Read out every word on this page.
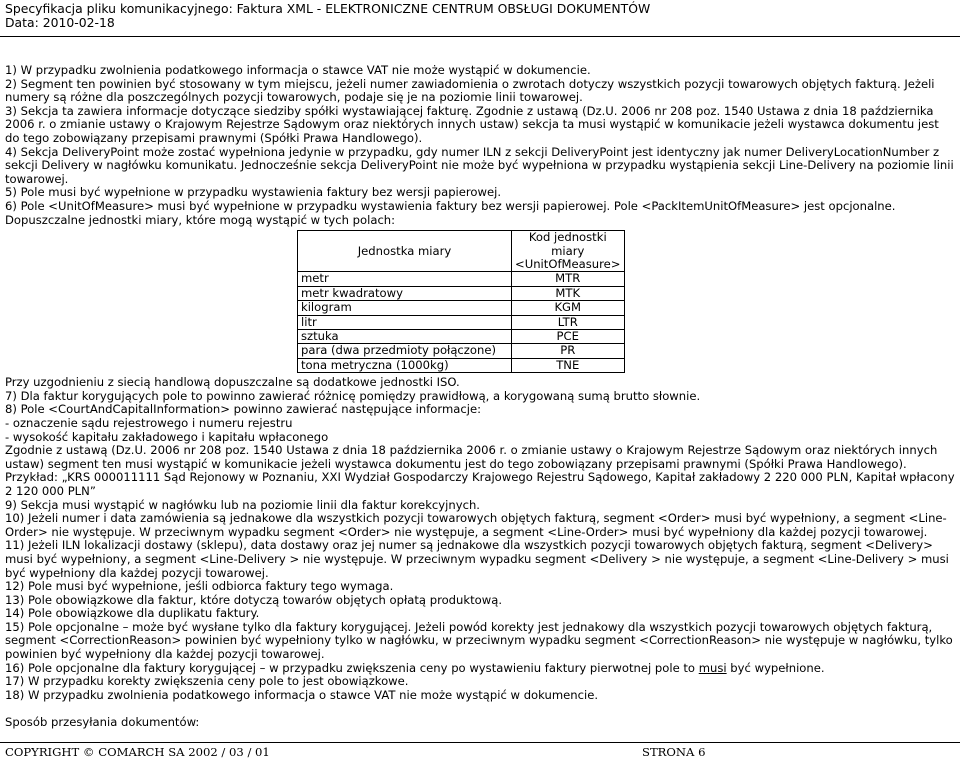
Specyfikacja pliku komunikacyjnego: Faktura XML - ELEKTRONICZNE CENTRUM OBSŁUGI DOKUMENTÓW
Data: 2010-02-18

1) W przypadku zwolnienia podatkowego informacja o stawce VAT nie może wystąpić w dokumencie.

2) Segment ten powinien być stosowany w tym miejscu, jeżeli numer zawiadomienia o zwrotach dotyczy wszystkich pozycji towarowych objętych fakturą. Jeżeli numery są różne dla poszczególnych pozycji towarowych, podaje się je na poziomie linii towarowej.

3) Sekcja ta zawiera informacje dotyczące siedziby spółki wystawiającej fakturę. Zgodnie z ustawą (Dz.U. 2006 nr 208 poz. 1540 Ustawa z dnia 18 października 2006 r. o zmianie ustawy o Krajowym Rejestrze Sądowym oraz niektórych innych ustaw) sekcja ta musi wystąpić w komunikacie jeżeli wystawca dokumentu jest do tego zobowiązany przepisami prawnymi (Spółki Prawa Handlowego).

4) Sekcja DeliveryPoint może zostać wypełniona jedynie w przypadku, gdy numer ILN z sekcji DeliveryPoint jest identyczny jak numer DeliveryLocationNumber z sekcji Delivery w nagłówku komunikatu. Jednocześnie sekcja DeliveryPoint nie może być wypełniona w przypadku wystąpienia sekcji Line-Delivery na poziomie linii towarowej.

5) Pole musi być wypełnione w przypadku wystawienia faktury bez wersji papierowej.

6) Pole <UnitOfMeasure> musi być wypełnione w przypadku wystawienia faktury bez wersji papierowej. Pole <PackItemUnitOfMeasure> jest opcjonalne. Dopuszczalne jednostki miary, które mogą wystąpić w tych polach:

Jednostka miary	Kod jednostki miary <UnitOfMeasure>
metr	MTR
metr kwadratowy	MTK
kilogram	KGM
litr	LTR
sztuka	PCE
para (dwa przedmioty połączone)	PR
tona metryczna (1000kg)	TNE

Przy uzgodnieniu z siecią handlową dopuszczalne są dodatkowe jednostki ISO.

7) Dla faktur korygujących pole to powinno zawierać różnicę pomiędzy prawidłową, a korygowaną sumą brutto słownie.

8) Pole <CourtAndCapitalInformation> powinno zawierać następujące informacje:

- oznaczenie sądu rejestrowego i numeru rejestru

- wysokość kapitału zakładowego i kapitału wpłaconego

Zgodnie z ustawą (Dz.U. 2006 nr 208 poz. 1540 Ustawa z dnia 18 października 2006 r. o zmianie ustawy o Krajowym Rejestrze Sądowym oraz niektórych innych ustaw) segment ten musi wystąpić w komunikacie jeżeli wystawca dokumentu jest do tego zobowiązany przepisami prawnymi (Spółki Prawa Handlowego).

Przykład: „KRS 000011111 Sąd Rejonowy w Poznaniu, XXI Wydział Gospodarczy Krajowego Rejestru Sądowego, Kapitał zakładowy 2 220 000 PLN, Kapitał wpłacony 2 120 000 PLN”

9) Sekcja musi wystąpić w nagłówku lub na poziomie linii dla faktur korekcyjnych.

10) Jeżeli numer i data zamówienia są jednakowe dla wszystkich pozycji towarowych objętych fakturą, segment <Order> musi być wypełniony, a segment <Line-Order> nie występuje. W przeciwnym wypadku segment <Order> nie występuje, a segment <Line-Order> musi być wypełniony dla każdej pozycji towarowej.

11) Jeżeli ILN lokalizacji dostawy (sklepu), data dostawy oraz jej numer są jednakowe dla wszystkich pozycji towarowych objętych fakturą, segment <Delivery> musi być wypełniony, a segment <Line-Delivery > nie występuje. W przeciwnym wypadku segment <Delivery > nie występuje, a segment <Line-Delivery > musi być wypełniony dla każdej pozycji towarowej.

12) Pole musi być wypełnione, jeśli odbiorca faktury tego wymaga.

13) Pole obowiązkowe dla faktur, które dotyczą towarów objętych opłatą produktową.

14) Pole obowiązkowe dla duplikatu faktury.

15) Pole opcjonalne – może być wysłane tylko dla faktury korygującej. Jeżeli powód korekty jest jednakowy dla wszystkich pozycji towarowych objętych fakturą, segment <CorrectionReason> powinien być wypełniony tylko w nagłówku, w przeciwnym wypadku segment <CorrectionReason> nie występuje w nagłówku, tylko powinien być wypełniony dla każdej pozycji towarowej.

16) Pole opcjonalne dla faktury korygującej – w przypadku zwiększenia ceny po wystawieniu faktury pierwotnej pole to musi być wypełnione.

17) W przypadku korekty zwiększenia ceny pole to jest obowiązkowe.

18) W przypadku zwolnienia podatkowego informacja o stawce VAT nie może wystąpić w dokumencie.

Sposób przesyłania dokumentów:

COPYRIGHT © COMARCH SA 2002 / 03 / 01	STRONA 6
